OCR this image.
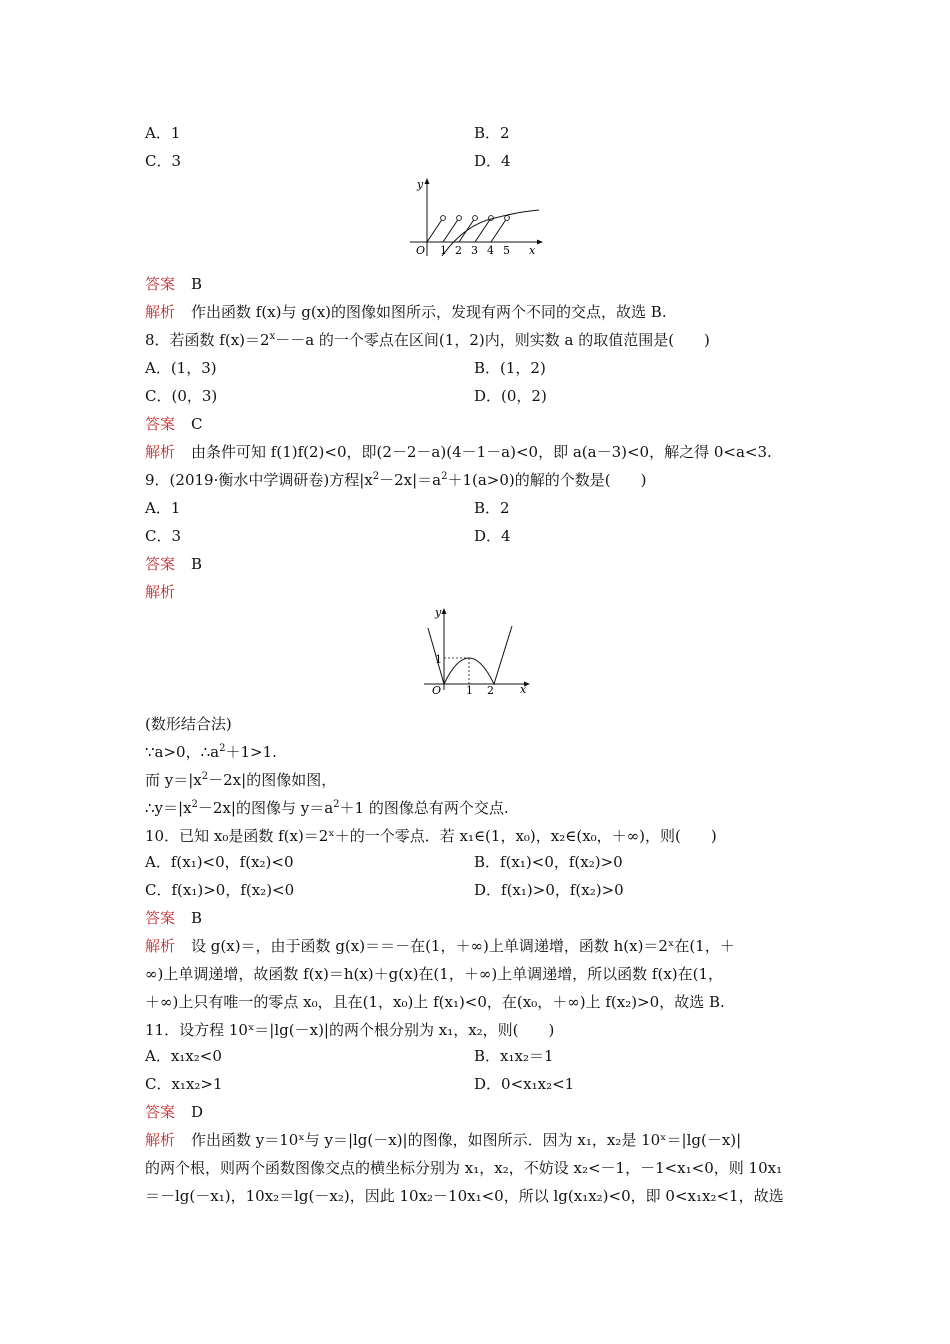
A．1	B．2
C．3	D．4
y
x
O 1 2 3 4 5
答案 B
解析 作出函数 f(x)与 g(x)的图像如图所示，发现有两个不同的交点，故选 B.
8．若函数 $f(x)=2^x--a$ 的一个零点在区间(1，2)内，则实数 a 的取值范围是(　　)
A．(1，3)	B．(1，2)
C．(0，3)	D．(0，2)
答案 C
解析 由条件可知 f(1)f(2)<0，即(2－2－a)(4－1－a)<0，即 a(a－3)<0，解之得 0<a<3.
9．(2019·衡水中学调研卷)方程$|x^2-2x|=a^2+1(a>0)$的解的个数是(　　)
A．1	B．2
C．3	D．4
答案 B
解析
y
x
O
1
1 2
(数形结合法)
∵a>0，$\therefore a^2+1>1$.
而 $y=|x^2-2x|$的图像如图，
$\therefore y=|x^2-2x|$的图像与 $y=a^2+1$ 的图像总有两个交点.
10．已知 x₀是函数 f(x)＝2ˣ＋的一个零点．若 x₁∈(1，x₀)，x₂∈(x₀，＋∞)，则(　　)
A．f(x₁)<0，f(x₂)<0	B．f(x₁)<0，f(x₂)>0
C．f(x₁)>0，f(x₂)<0	D．f(x₁)>0，f(x₂)>0
答案 B
解析 设 g(x)＝，由于函数 g(x)＝＝－在(1，＋∞)上单调递增，函数 h(x)＝2ˣ在(1，＋
∞)上单调递增，故函数 f(x)＝h(x)＋g(x)在(1，＋∞)上单调递增，所以函数 f(x)在(1，
＋∞)上只有唯一的零点 x₀，且在(1，x₀)上 f(x₁)<0，在(x₀，＋∞)上 f(x₂)>0，故选 B.
11．设方程 10ˣ＝|lg(－x)|的两个根分别为 x₁，x₂，则(　　)
A．x₁x₂<0	B．x₁x₂＝1
C．x₁x₂>1	D．0<x₁x₂<1
答案 D
解析 作出函数 y＝10ˣ与 y＝|lg(－x)|的图像，如图所示．因为 x₁，x₂是 10ˣ＝|lg(－x)|
的两个根，则两个函数图像交点的横坐标分别为 x₁，x₂，不妨设 x₂<－1，－1<x₁<0，则 10x₁
＝－lg(－x₁)，10x₂＝lg(－x₂)，因此 10x₂－10x₁<0，所以 lg(x₁x₂)<0，即 0<x₁x₂<1，故选
